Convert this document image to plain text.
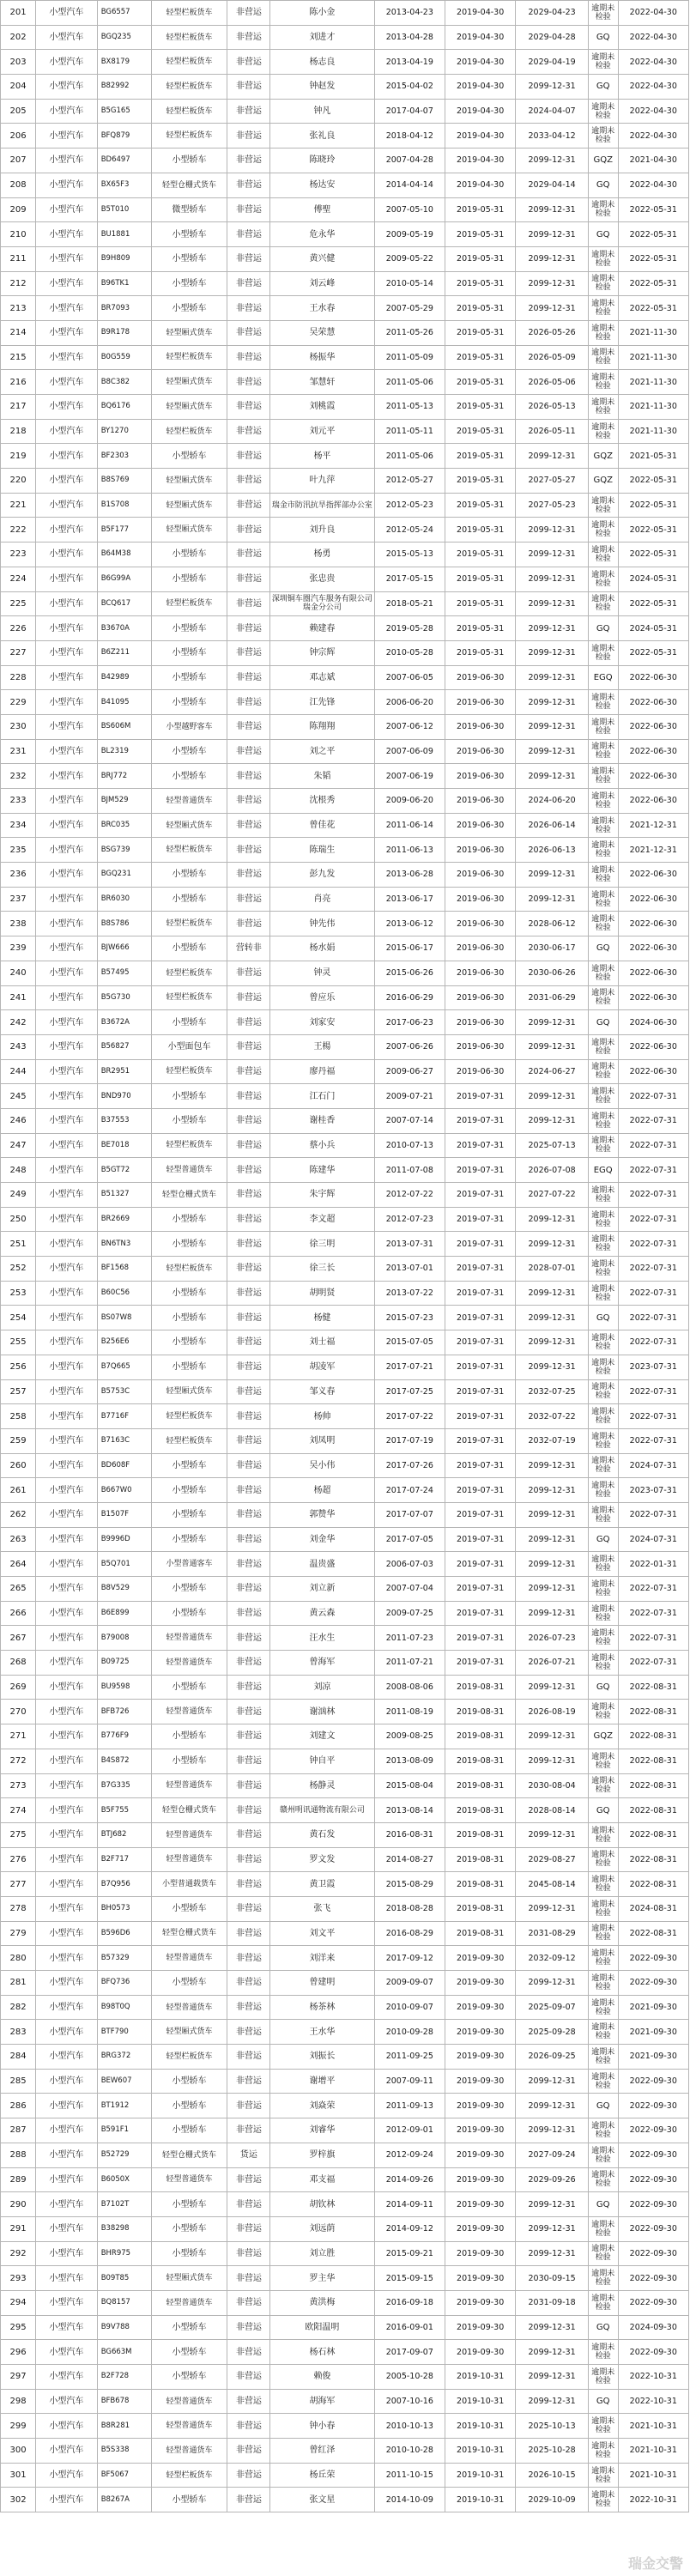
201	小型汽车	BG6557	轻型栏板货车	非营运	陈小金	2013-04-23	2019-04-30	2029-04-23	逾期未检验	2022-04-30
202	小型汽车	BGQ235	轻型栏板货车	非营运	刘进才	2013-04-28	2019-04-30	2029-04-28	GQ	2022-04-30
203	小型汽车	BX8179	轻型栏板货车	非营运	杨志良	2013-04-19	2019-04-30	2029-04-19	逾期未检验	2022-04-30
204	小型汽车	B82992	轻型栏板货车	非营运	钟赵发	2015-04-02	2019-04-30	2099-12-31	GQ	2022-04-30
205	小型汽车	B5G165	轻型栏板货车	非营运	钟凡	2017-04-07	2019-04-30	2024-04-07	逾期未检验	2022-04-30
206	小型汽车	BFQ879	轻型栏板货车	非营运	张礼良	2018-04-12	2019-04-30	2033-04-12	逾期未检验	2022-04-30
207	小型汽车	BD6497	小型轿车	非营运	陈晓玲	2007-04-28	2019-04-30	2099-12-31	GQZ	2021-04-30
208	小型汽车	BX65F3	轻型仓栅式货车	非营运	杨达安	2014-04-14	2019-04-30	2029-04-14	GQ	2022-04-30
209	小型汽车	B5T010	微型轿车	非营运	傅聖	2007-05-10	2019-05-31	2099-12-31	逾期未检验	2022-05-31
210	小型汽车	BU1881	小型轿车	非营运	危永华	2009-05-19	2019-05-31	2099-12-31	GQ	2022-05-31
211	小型汽车	B9H809	小型轿车	非营运	黄兴健	2009-05-22	2019-05-31	2099-12-31	逾期未检验	2022-05-31
212	小型汽车	B96TK1	小型轿车	非营运	刘云峰	2010-05-14	2019-05-31	2099-12-31	逾期未检验	2022-05-31
213	小型汽车	BR7093	小型轿车	非营运	王水春	2007-05-29	2019-05-31	2099-12-31	逾期未检验	2022-05-31
214	小型汽车	B9R178	轻型厢式货车	非营运	吴荣慧	2011-05-26	2019-05-31	2026-05-26	逾期未检验	2021-11-30
215	小型汽车	B0G559	轻型栏板货车	非营运	杨振华	2011-05-09	2019-05-31	2026-05-09	逾期未检验	2021-11-30
216	小型汽车	B8C382	轻型厢式货车	非营运	邹慧轩	2011-05-06	2019-05-31	2026-05-06	逾期未检验	2021-11-30
217	小型汽车	BQ6176	轻型厢式货车	非营运	刘桃霞	2011-05-13	2019-05-31	2026-05-13	逾期未检验	2021-11-30
218	小型汽车	BY1270	轻型栏板货车	非营运	刘元平	2011-05-11	2019-05-31	2026-05-11	逾期未检验	2021-11-30
219	小型汽车	BF2303	小型轿车	非营运	杨平	2011-05-06	2019-05-31	2099-12-31	GQZ	2021-05-31
220	小型汽车	B8S769	轻型厢式货车	非营运	叶九萍	2012-05-27	2019-05-31	2027-05-27	GQZ	2022-05-31
221	小型汽车	B1S708	轻型厢式货车	非营运	瑞金市防汛抗旱指挥部办公室	2012-05-23	2019-05-31	2027-05-23	逾期未检验	2022-05-31
222	小型汽车	B5F177	轻型厢式货车	非营运	刘升良	2012-05-24	2019-05-31	2099-12-31	逾期未检验	2022-05-31
223	小型汽车	B64M38	小型轿车	非营运	杨勇	2015-05-13	2019-05-31	2099-12-31	逾期未检验	2022-05-31
224	小型汽车	B6G99A	小型轿车	非营运	张忠贵	2017-05-15	2019-05-31	2099-12-31	逾期未检验	2024-05-31
225	小型汽车	BCQ617	轻型栏板货车	非营运	深圳铜车圈汽车服务有限公司瑞金分公司	2018-05-21	2019-05-31	2099-12-31	逾期未检验	2022-05-31
226	小型汽车	B3670A	小型轿车	非营运	赖建春	2019-05-28	2019-05-31	2099-12-31	GQ	2024-05-31
227	小型汽车	B6Z211	小型轿车	非营运	钟宗辉	2010-05-28	2019-05-31	2099-12-31	逾期未检验	2022-05-31
228	小型汽车	B42989	小型轿车	非营运	邓志斌	2007-06-05	2019-06-30	2099-12-31	EGQ	2022-06-30
229	小型汽车	B41095	小型轿车	非营运	江先锋	2006-06-20	2019-06-30	2099-12-31	逾期未检验	2022-06-30
230	小型汽车	BS606M	小型越野客车	非营运	陈翔翔	2007-06-12	2019-06-30	2099-12-31	逾期未检验	2022-06-30
231	小型汽车	BL2319	小型轿车	非营运	刘之平	2007-06-09	2019-06-30	2099-12-31	逾期未检验	2022-06-30
232	小型汽车	BRJ772	小型轿车	非营运	朱韬	2007-06-19	2019-06-30	2099-12-31	逾期未检验	2022-06-30
233	小型汽车	BJM529	轻型普通货车	非营运	沈根秀	2009-06-20	2019-06-30	2024-06-20	逾期未检验	2022-06-30
234	小型汽车	BRC035	轻型厢式货车	非营运	曾佳花	2011-06-14	2019-06-30	2026-06-14	逾期未检验	2021-12-31
235	小型汽车	BSG739	轻型栏板货车	非营运	陈瑞生	2011-06-13	2019-06-30	2026-06-13	逾期未检验	2021-12-31
236	小型汽车	BGQ231	小型轿车	非营运	彭九发	2013-06-28	2019-06-30	2099-12-31	逾期未检验	2022-06-30
237	小型汽车	BR6030	小型轿车	非营运	肖亮	2013-06-17	2019-06-30	2099-12-31	逾期未检验	2022-06-30
238	小型汽车	B8S786	轻型栏板货车	非营运	钟先伟	2013-06-12	2019-06-30	2028-06-12	逾期未检验	2022-06-30
239	小型汽车	BJW666	小型轿车	营转非	杨水娟	2015-06-17	2019-06-30	2030-06-17	GQ	2022-06-30
240	小型汽车	B57495	轻型栏板货车	非营运	钟灵	2015-06-26	2019-06-30	2030-06-26	逾期未检验	2022-06-30
241	小型汽车	B5G730	轻型栏板货车	非营运	曾应乐	2016-06-29	2019-06-30	2031-06-29	逾期未检验	2022-06-30
242	小型汽车	B3672A	小型轿车	非营运	刘家安	2017-06-23	2019-06-30	2099-12-31	GQ	2024-06-30
243	小型汽车	B56827	小型面包车	非营运	王楊	2007-06-26	2019-06-30	2099-12-31	逾期未检验	2022-06-30
244	小型汽车	BR2951	轻型栏板货车	非营运	廖丹福	2009-06-27	2019-06-30	2024-06-27	逾期未检验	2022-06-30
245	小型汽车	BND970	小型轿车	非营运	江石门	2009-07-21	2019-07-31	2099-12-31	逾期未检验	2022-07-31
246	小型汽车	B37553	小型轿车	非营运	谢桂香	2007-07-14	2019-07-31	2099-12-31	逾期未检验	2022-07-31
247	小型汽车	BE7018	轻型栏板货车	非营运	蔡小兵	2010-07-13	2019-07-31	2025-07-13	逾期未检验	2022-07-31
248	小型汽车	B5GT72	轻型普通货车	非营运	陈建华	2011-07-08	2019-07-31	2026-07-08	EGQ	2022-07-31
249	小型汽车	B51327	轻型仓栅式货车	非营运	朱宇辉	2012-07-22	2019-07-31	2027-07-22	逾期未检验	2022-07-31
250	小型汽车	BR2669	小型轿车	非营运	李文超	2012-07-23	2019-07-31	2099-12-31	逾期未检验	2022-07-31
251	小型汽车	BN6TN3	小型轿车	非营运	徐三明	2013-07-31	2019-07-31	2099-12-31	逾期未检验	2022-07-31
252	小型汽车	BF1568	轻型栏板货车	非营运	徐三长	2013-07-01	2019-07-31	2028-07-01	逾期未检验	2022-07-31
253	小型汽车	B60C56	小型轿车	非营运	胡明贤	2013-07-22	2019-07-31	2099-12-31	逾期未检验	2022-07-31
254	小型汽车	BS07W8	小型轿车	非营运	杨健	2015-07-23	2019-07-31	2099-12-31	GQ	2022-07-31
255	小型汽车	B256E6	小型轿车	非营运	刘士福	2015-07-05	2019-07-31	2099-12-31	逾期未检验	2022-07-31
256	小型汽车	B7Q665	小型轿车	非营运	胡凌军	2017-07-21	2019-07-31	2099-12-31	逾期未检验	2023-07-31
257	小型汽车	B5753C	轻型厢式货车	非营运	邹义春	2017-07-25	2019-07-31	2032-07-25	逾期未检验	2022-07-31
258	小型汽车	B7716F	轻型栏板货车	非营运	杨帅	2017-07-22	2019-07-31	2032-07-22	逾期未检验	2022-07-31
259	小型汽车	B7163C	轻型栏板货车	非营运	刘凤明	2017-07-19	2019-07-31	2032-07-19	逾期未检验	2022-07-31
260	小型汽车	BD608F	小型轿车	非营运	吴小伟	2017-07-26	2019-07-31	2099-12-31	逾期未检验	2024-07-31
261	小型汽车	B667W0	小型轿车	非营运	杨超	2017-07-24	2019-07-31	2099-12-31	逾期未检验	2023-07-31
262	小型汽车	B1507F	小型轿车	非营运	郭赞华	2017-07-07	2019-07-31	2099-12-31	逾期未检验	2022-07-31
263	小型汽车	B9996D	小型轿车	非营运	刘金华	2017-07-05	2019-07-31	2099-12-31	GQ	2024-07-31
264	小型汽车	B5Q701	小型普通客车	非营运	温贵盛	2006-07-03	2019-07-31	2099-12-31	逾期未检验	2022-01-31
265	小型汽车	B8V529	小型轿车	非营运	刘立新	2007-07-04	2019-07-31	2099-12-31	逾期未检验	2022-07-31
266	小型汽车	B6E899	小型轿车	非营运	黄云森	2009-07-25	2019-07-31	2099-12-31	逾期未检验	2022-07-31
267	小型汽车	B79008	轻型普通货车	非营运	汪水生	2011-07-23	2019-07-31	2026-07-23	逾期未检验	2022-07-31
268	小型汽车	B09725	轻型普通货车	非营运	曾海军	2011-07-21	2019-07-31	2026-07-21	逾期未检验	2022-07-31
269	小型汽车	BU9598	小型轿车	非营运	刘凉	2008-08-06	2019-08-31	2099-12-31	GQ	2022-08-31
270	小型汽车	BFB726	轻型普通货车	非营运	谢汹林	2011-08-19	2019-08-31	2026-08-19	逾期未检验	2022-08-31
271	小型汽车	B776F9	小型轿车	非营运	刘建文	2009-08-25	2019-08-31	2099-12-31	GQZ	2022-08-31
272	小型汽车	B4S872	小型轿车	非营运	钟自平	2013-08-09	2019-08-31	2099-12-31	逾期未检验	2022-08-31
273	小型汽车	B7G335	轻型普通货车	非营运	杨静灵	2015-08-04	2019-08-31	2030-08-04	逾期未检验	2022-08-31
274	小型汽车	B5F755	轻型仓栅式货车	非营运	赣州明讯通物流有限公司	2013-08-14	2019-08-31	2028-08-14	GQ	2022-08-31
275	小型汽车	BTJ682	轻型普通货车	非营运	黄石发	2016-08-31	2019-08-31	2099-12-31	逾期未检验	2022-08-31
276	小型汽车	B2F717	轻型普通货车	非营运	罗文发	2014-08-27	2019-08-31	2029-08-27	逾期未检验	2022-08-31
277	小型汽车	B7Q956	小型普通载货车	非营运	黄卫霞	2015-08-29	2019-08-31	2045-08-14	逾期未检验	2022-08-31
278	小型汽车	BH0573	小型轿车	非营运	张飞	2018-08-28	2019-08-31	2099-12-31	逾期未检验	2024-08-31
279	小型汽车	B596D6	轻型仓栅式货车	非营运	刘文平	2016-08-29	2019-08-31	2031-08-29	逾期未检验	2022-08-31
280	小型汽车	B57329	轻型普通货车	非营运	刘洋来	2017-09-12	2019-09-30	2032-09-12	逾期未检验	2022-09-30
281	小型汽车	BFQ736	小型轿车	非营运	曾建明	2009-09-07	2019-09-30	2099-12-31	逾期未检验	2022-09-30
282	小型汽车	B98T0Q	轻型普通货车	非营运	杨茶林	2010-09-07	2019-09-30	2025-09-07	逾期未检验	2021-09-30
283	小型汽车	BTF790	轻型厢式货车	非营运	王水华	2010-09-28	2019-09-30	2025-09-28	逾期未检验	2021-09-30
284	小型汽车	BRG372	轻型栏板货车	非营运	刘振长	2011-09-25	2019-09-30	2026-09-25	逾期未检验	2021-09-30
285	小型汽车	BEW607	小型轿车	非营运	谢增平	2007-09-11	2019-09-30	2099-12-31	逾期未检验	2022-09-30
286	小型汽车	BT1912	小型轿车	非营运	刘焱荣	2011-09-13	2019-09-30	2099-12-31	GQ	2022-09-30
287	小型汽车	B591F1	小型轿车	非营运	刘睿华	2012-09-01	2019-09-30	2099-12-31	逾期未检验	2022-09-30
288	小型汽车	B52729	轻型仓栅式货车	货运	罗梓旗	2012-09-24	2019-09-30	2027-09-24	逾期未检验	2022-09-30
289	小型汽车	B6050X	轻型普通货车	非营运	邓支福	2014-09-26	2019-09-30	2029-09-26	逾期未检验	2022-09-30
290	小型汽车	B7102T	小型轿车	非营运	胡钦林	2014-09-11	2019-09-30	2099-12-31	GQ	2022-09-30
291	小型汽车	B38298	小型轿车	非营运	刘远荫	2014-09-12	2019-09-30	2099-12-31	逾期未检验	2022-09-30
292	小型汽车	BHR975	小型轿车	非营运	刘立胜	2015-09-21	2019-09-30	2099-12-31	逾期未检验	2022-09-30
293	小型汽车	B09T85	轻型厢式货车	非营运	罗主华	2015-09-15	2019-09-30	2030-09-15	逾期未检验	2022-09-30
294	小型汽车	BQ8157	轻型普通货车	非营运	黄洪梅	2016-09-18	2019-09-30	2031-09-18	逾期未检验	2022-09-30
295	小型汽车	B9V788	小型轿车	非营运	欧阳温明	2016-09-01	2019-09-30	2099-12-31	GQ	2024-09-30
296	小型汽车	BG663M	小型轿车	非营运	杨石林	2017-09-07	2019-09-30	2099-12-31	逾期未检验	2022-09-30
297	小型汽车	B2F728	小型轿车	非营运	赖俊	2005-10-28	2019-10-31	2099-12-31	逾期未检验	2022-10-31
298	小型汽车	BFB678	轻型普通货车	非营运	胡海军	2007-10-16	2019-10-31	2099-12-31	GQ	2022-10-31
299	小型汽车	B8R281	轻型普通货车	非营运	钟小春	2010-10-13	2019-10-31	2025-10-13	逾期未检验	2021-10-31
300	小型汽车	B5S338	轻型普通货车	非营运	曾红泽	2010-10-28	2019-10-31	2025-10-28	逾期未检验	2021-10-31
301	小型汽车	BF5067	轻型栏板货车	非营运	杨丘荣	2011-10-15	2019-10-31	2026-10-15	逾期未检验	2021-10-31
302	小型汽车	B8267A	小型轿车	非营运	张文星	2014-10-09	2019-10-31	2029-10-09	逾期未检验	2022-10-31
瑞金交警
